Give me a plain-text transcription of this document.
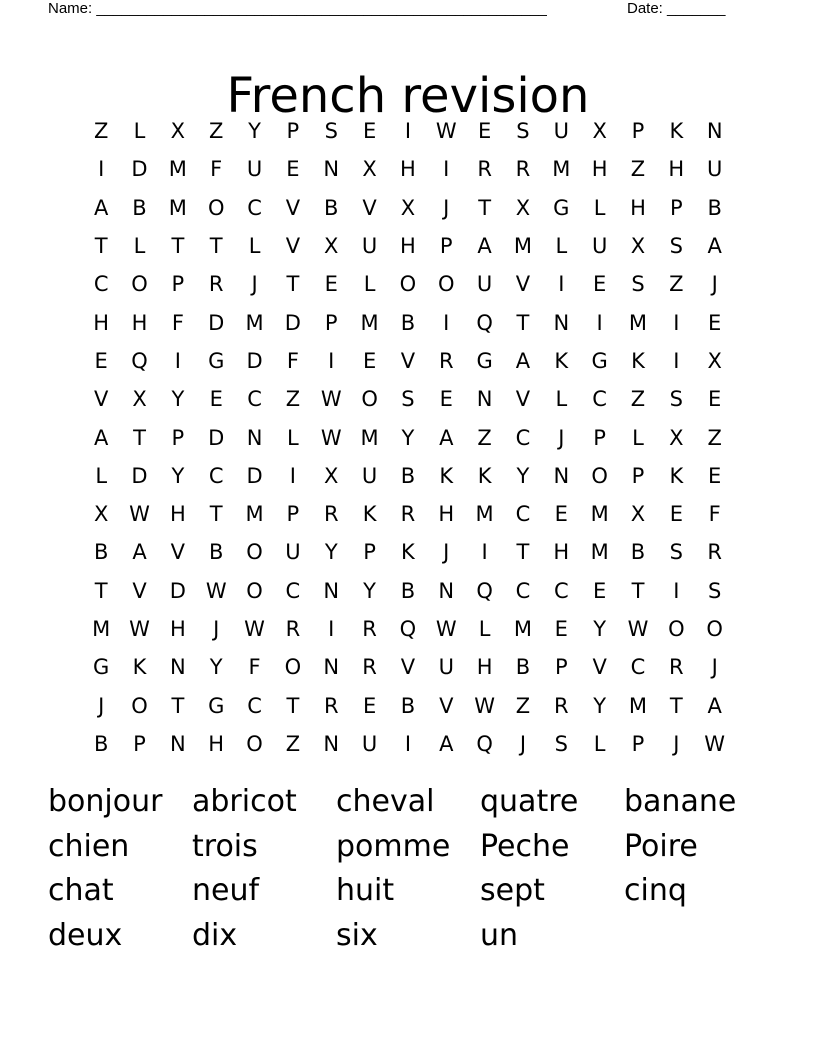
Name: ______________________________________________________	Date: _______
French revision
Z	L	X	Z	Y	P	S	E	I	W	E	S	U	X	P	K	N
I	D	M	F	U	E	N	X	H	I	R	R	M	H	Z	H	U
A	B	M	O	C	V	B	V	X	J	T	X	G	L	H	P	B
T	L	T	T	L	V	X	U	H	P	A	M	L	U	X	S	A
C	O	P	R	J	T	E	L	O	O	U	V	I	E	S	Z	J
H	H	F	D	M	D	P	M	B	I	Q	T	N	I	M	I	E
E	Q	I	G	D	F	I	E	V	R	G	A	K	G	K	I	X
V	X	Y	E	C	Z W O	S	E	N	V	L	C	Z	S	E
A	T	P	D	N	L	W M	Y	A	Z	C	J	P	L	X	Z
L	D	Y	C	D	I	X	U	B	K	K	Y	N	O	P	K	E
X W H	T	M	P	R	K	R	H	M	C	E	M	X	E	F
B	A	V	B	O	U	Y	P	K	J	I	T	H	M	B	S	R
T	V	D W O	C	N	Y	B	N	Q	C	C	E	T	I	S
M W H	J	W R	I	R	Q W	L	M	E	Y	W O	O
G	K	N	Y	F	O	N	R	V	U	H	B	P	V	C	R	J
J	O	T	G	C	T	R	E	B	V W Z	R	Y	M	T	A
B	P	N	H	O	Z	N	U	I	A	Q	J	S	L	P	J	W
bonjour abricot	cheval	quatre	banane
chien	trois	pomme Peche	Poire
chat	neuf	huit	sept	cinq
deux	dix	six	un
